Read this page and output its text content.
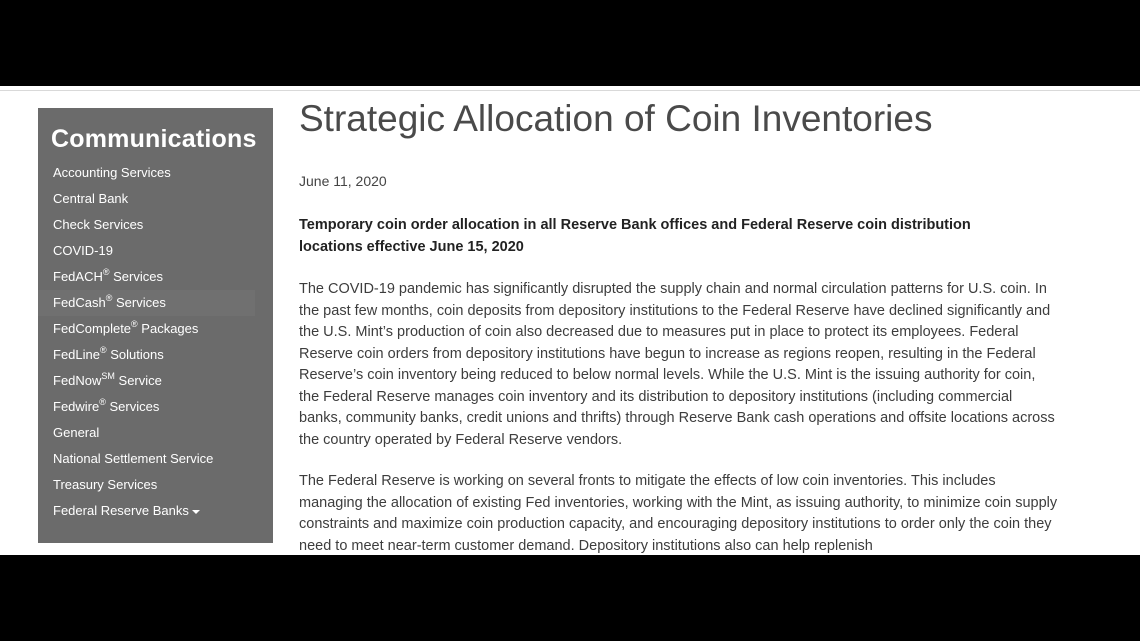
Communications
Accounting Services
Central Bank
Check Services
COVID-19
FedACH® Services
FedCash® Services
FedComplete® Packages
FedLine® Solutions
FedNow℠ Service
Fedwire® Services
General
National Settlement Service
Treasury Services
Federal Reserve Banks
Strategic Allocation of Coin Inventories
June 11, 2020
Temporary coin order allocation in all Reserve Bank offices and Federal Reserve coin distribution locations effective June 15, 2020

The COVID-19 pandemic has significantly disrupted the supply chain and normal circulation patterns for U.S. coin. In the past few months, coin deposits from depository institutions to the Federal Reserve have declined significantly and the U.S. Mint’s production of coin also decreased due to measures put in place to protect its employees. Federal Reserve coin orders from depository institutions have begun to increase as regions reopen, resulting in the Federal Reserve’s coin inventory being reduced to below normal levels. While the U.S. Mint is the issuing authority for coin, the Federal Reserve manages coin inventory and its distribution to depository institutions (including commercial banks, community banks, credit unions and thrifts) through Reserve Bank cash operations and offsite locations across the country operated by Federal Reserve vendors.

The Federal Reserve is working on several fronts to mitigate the effects of low coin inventories. This includes managing the allocation of existing Fed inventories, working with the Mint, as issuing authority, to minimize coin supply constraints and maximize coin production capacity, and encouraging depository institutions to order only the coin they need to meet near-term customer demand. Depository institutions also can help replenish
